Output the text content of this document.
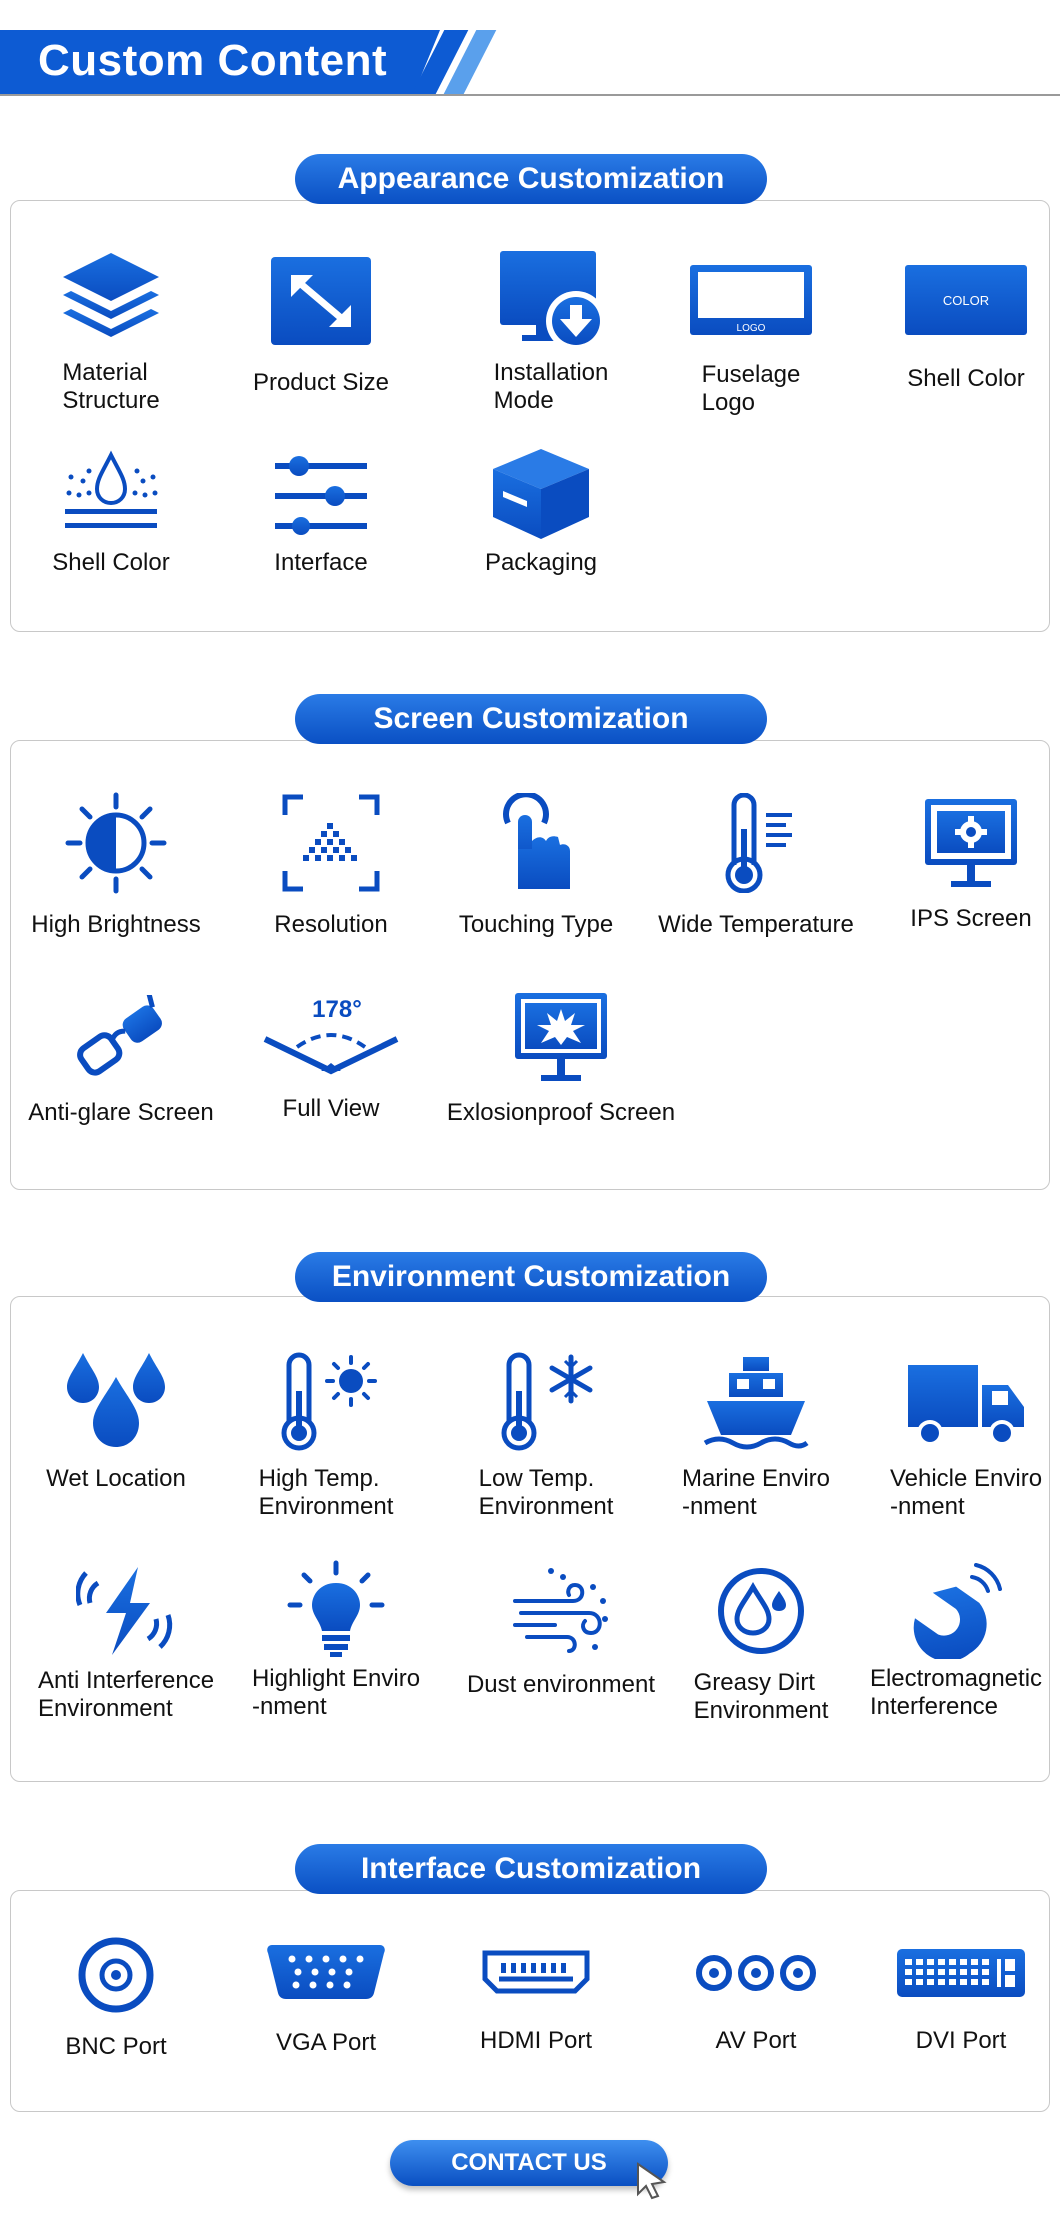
Custom Content
Appearance Customization
Material
Structure
Product Size	Installation
Mode
LOGO
Fuselage
Logo
COLOR
Shell Color
Shell Color	Interface	Packaging
Screen Customization
High Brightness	Resolution	Touching Type	Wide Temperature	IPS Screen
Anti-glare Screen
178°
Full View	Exlosionproof Screen
Environment Customization
Wet Location	High Temp.
Environment
Low Temp.
Environment
Marine Enviro
-nment
Vehicle Enviro
-nment
Anti Interference
Environment
Highlight Enviro
-nment
Dust environment	Greasy Dirt
Environment
Electromagnetic
Interference
Interface Customization
BNC Port	VGA Port	HDMI Port	AV Port	DVI Port
CONTACT US
